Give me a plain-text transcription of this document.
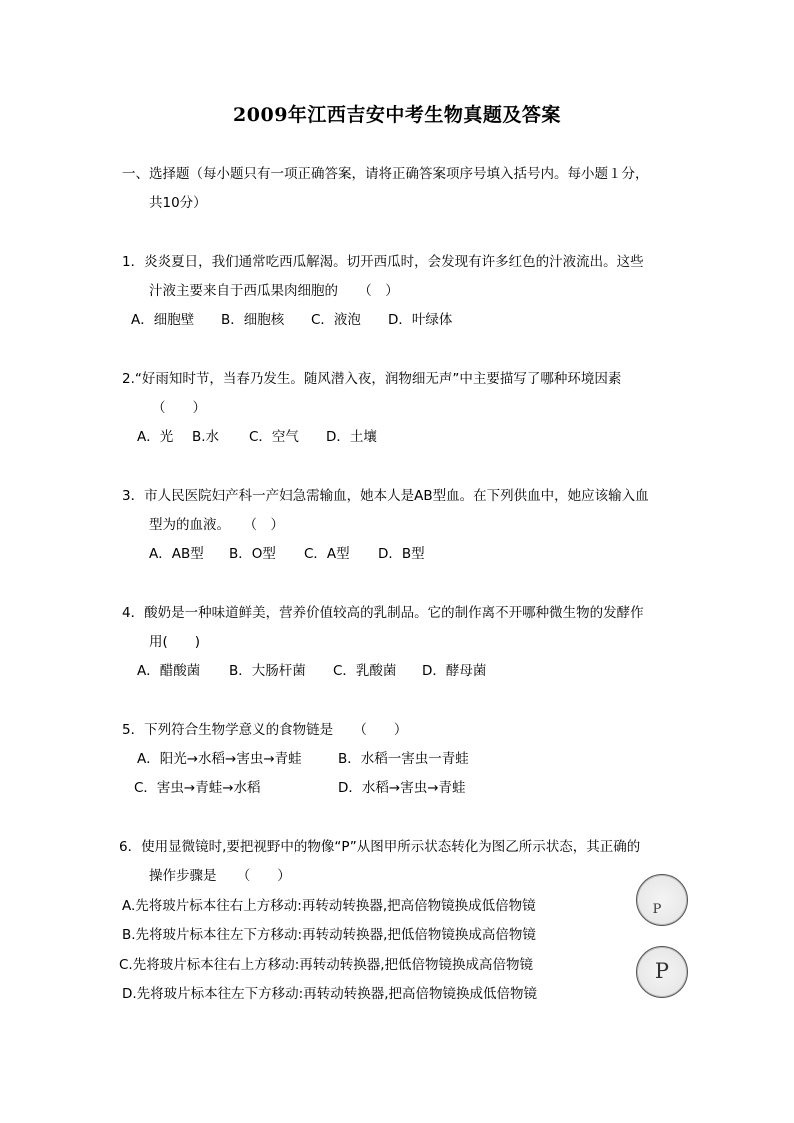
2009年江西吉安中考生物真题及答案
一、选择题（每小题只有一项正确答案，请将正确答案项序号填入括号内。每小题１分，
共10分）
1．炎炎夏日，我们通常吃西瓜解渴。切开西瓜时，会发现有许多红色的汁液流出。这些
汁液主要来自于西瓜果肉细胞的　　（　）
A．细胞壁 B．细胞核 C．液泡 D．叶绿体
2.“好雨知时节，当春乃发生。随风潜入夜，润物细无声”中主要描写了哪种环境因素
（　　）
A．光 B.水 C．空气 D．土壤
3．市人民医院妇产科一产妇急需输血，她本人是AB型血。在下列供血中，她应该输入血
型为的血液。　　（　）
A．AB型 B．O型 C．A型 D．B型
4．酸奶是一种味道鲜美，营养价值较高的乳制品。它的制作离不开哪种微生物的发酵作
用(　　)
A．醋酸菌 B．大肠杆菌 C．乳酸菌 D．酵母菌
5．下列符合生物学意义的食物链是　　（　　）
A．阳光→水稻→害虫→青蛙	B．水稻一害虫一青蛙
C．害虫→青蛙→水稻	D．水稻→害虫→青蛙
6．使用显微镜时,要把视野中的物像“P”从图甲所示状态转化为图乙所示状态，其正确的
操作步骤是　　（　　）
A.先将玻片标本往右上方移动:再转动转换器,把高倍物镜换成低倍物镜
B.先将玻片标本往左下方移动:再转动转换器,把低倍物镜换成高倍物镜
C.先将玻片标本往右上方移动:再转动转换器,把低倍物镜换成高倍物镜
D.先将玻片标本往左下方移动:再转动转换器,把高倍物镜换成低倍物镜
P
P
